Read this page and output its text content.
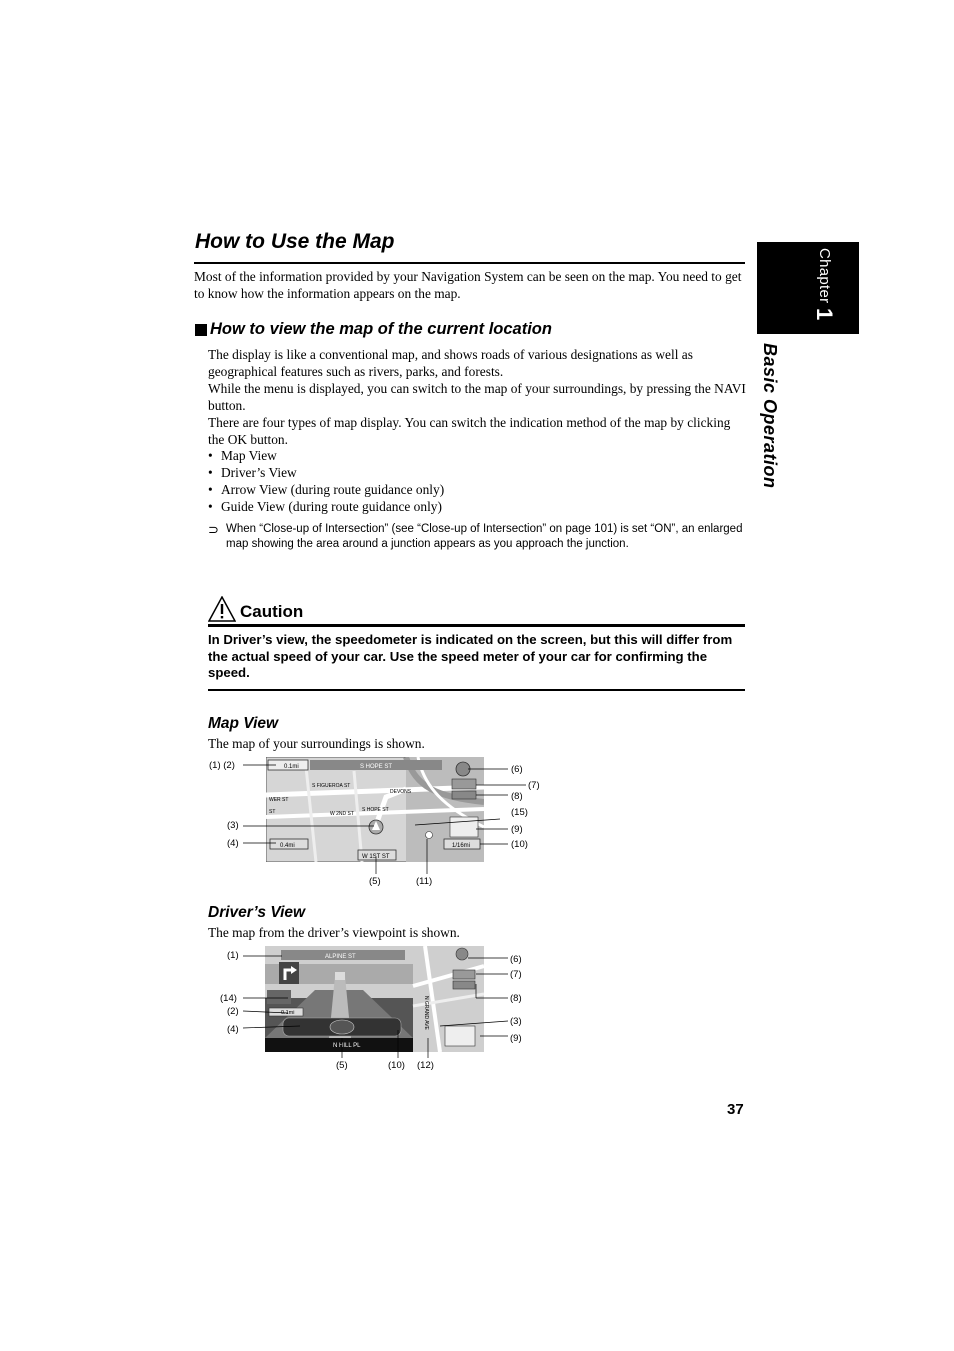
Chapter 1
Basic Operation
How to Use the Map
Most of the information provided by your Navigation System can be seen on the map. You need to get to know how the information appears on the map.
How to view the map of the current location
The display is like a conventional map, and shows roads of various designations as well as geographical features such as rivers, parks, and forests.
While the menu is displayed, you can switch to the map of your surroundings, by pressing the NAVI button.
There are four types of map display. You can switch the indication method of the map by clicking the OK button.
• Map View
• Driver’s View
• Arrow View (during route guidance only)
• Guide View (during route guidance only)
⊃ When “Close-up of Intersection” (see “Close-up of Intersection” on page 101) is set “ON”, an enlarged map showing the area around a junction appears as you approach the junction.
Caution
In Driver’s view, the speedometer is indicated on the screen, but this will differ from the actual speed of your car. Use the speed meter of your car for confirming the speed.
Map View
The map of your surroundings is shown.
0.1mi	S HOPE ST
0.4mi
W 1ST ST
1/16mi
S FIGUEROA ST
S HOPE ST
W 2ND ST
DEVONS
WER ST
ST
(1) (2)
(3)
(4)
(5)	(11)
(6)
(7)
(8)
(15)
(9)
(10)
Driver’s View
The map from the driver’s viewpoint is shown.
ALPINE ST
N HILL PL
0.1mi	N GRAND AVE
(1)
(14)
(2)
(4)
(5)	(10) (12)
(6)
(7)
(8)
(3)
(9)
37
